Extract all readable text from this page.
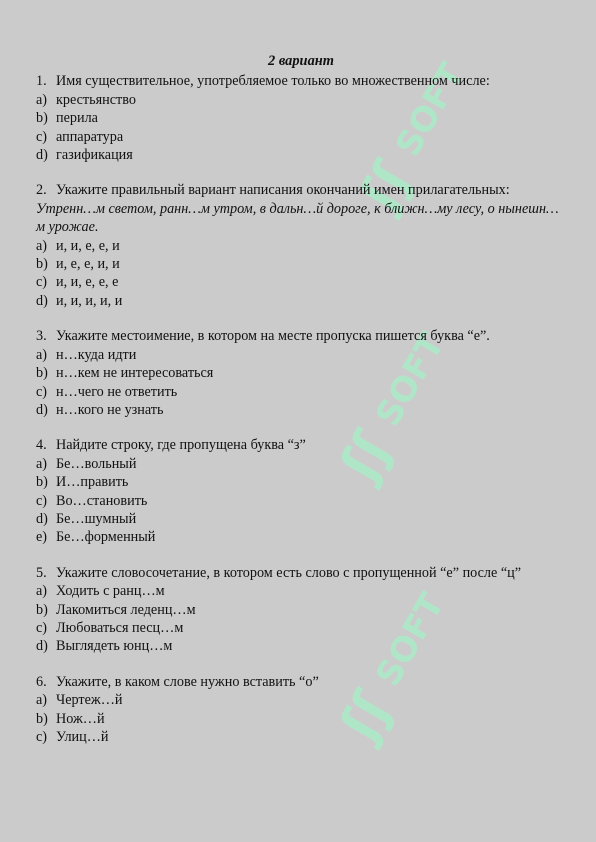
SOFT
ʃʃ
SOFT
ʃʃ
SOFT
ʃʃ

2 вариант

1. Имя существительное, употребляемое только во множественном числе:

a) крестьянство

b) перила

c) аппаратура

d) газификация

2. Укажите правильный вариант написания окончаний имен прилагательных:

Утренн…м светом, ранн…м утром, в дальн…й дороге, к ближн…му лесу, о нынешн…м урожае.

a) и, и, е, е, и

b) и, е, е, и, и

c) и, и, е, е, е

d) и, и, и, и, и

3. Укажите местоимение, в котором на месте пропуска пишется буква “е”.

a) н…куда идти

b) н…кем не интересоваться

c) н…чего не ответить

d) н…кого не узнать

4. Найдите строку, где пропущена буква “з”

a) Бе…вольный

b) И…править

c) Во…становить

d) Бе…шумный

e) Бе…форменный

5. Укажите словосочетание, в котором есть слово с пропущенной “е” после “ц”

a) Ходить с ранц…м

b) Лакомиться леденц…м

c) Любоваться песц…м

d) Выглядеть юнц…м

6. Укажите, в каком слове нужно вставить “о”

a) Чертеж…й

b) Нож…й

c) Улиц…й
